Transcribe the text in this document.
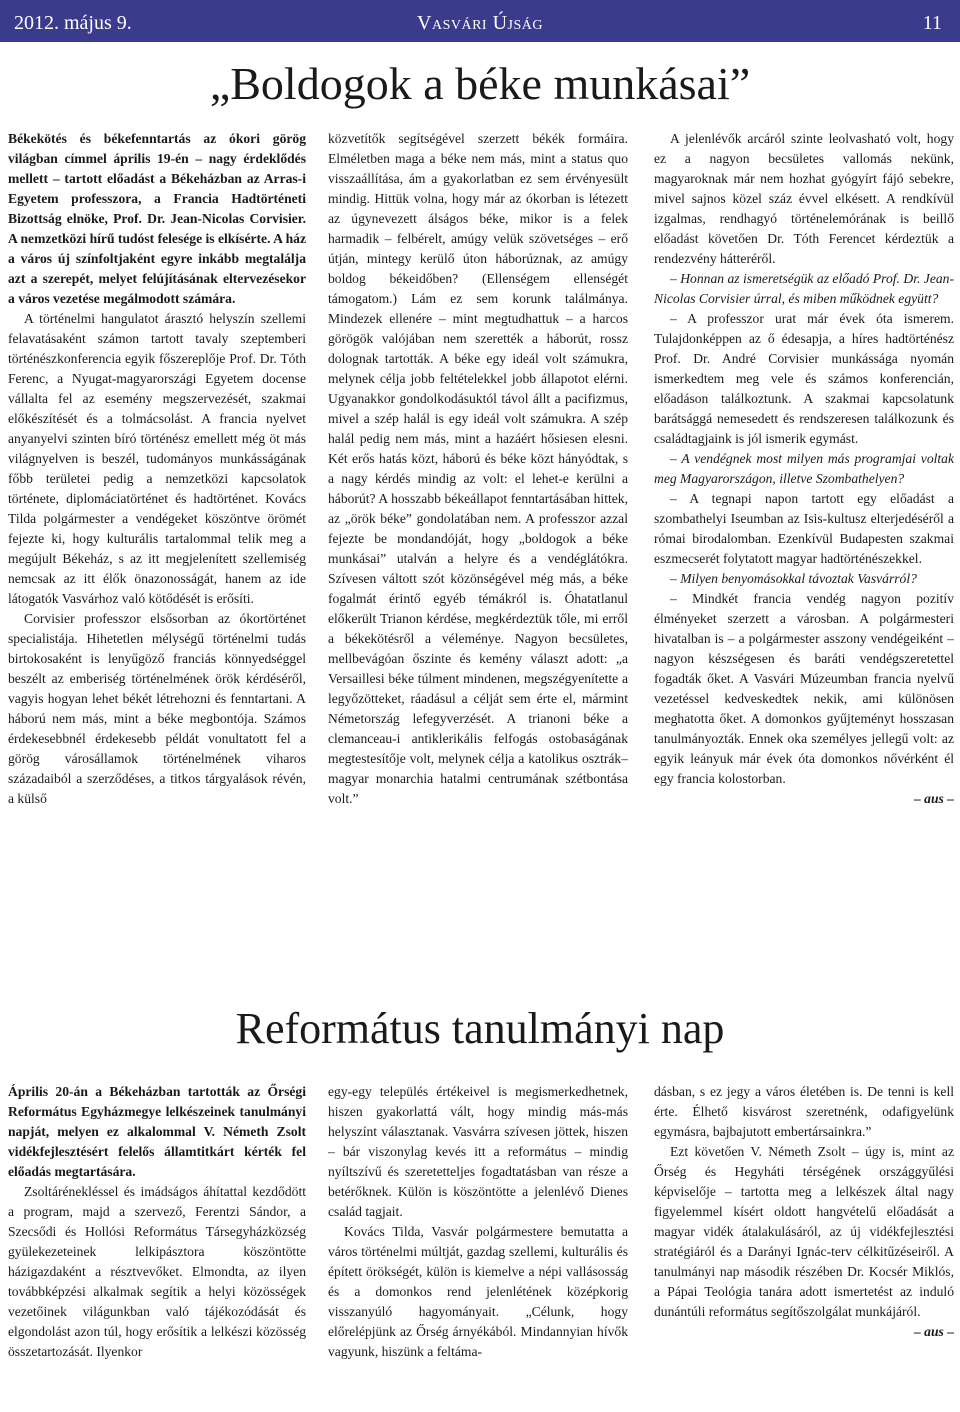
2012. május 9.	Vasvári Újság	11
„Boldogok a béke munkásai”

Békekötés és békefenntartás az ókori görög világban címmel április 19-én – nagy érdeklődés mellett – tartott előadást a Békeházban az Arras-i Egyetem professzora, a Francia Hadtörténeti Bizottság elnöke, Prof. Dr. Jean-Nicolas Corvisier. A nemzetközi hírű tudóst felesége is elkísérte. A ház a város új színfoltjaként egyre inkább megtalálja azt a szerepét, melyet felújításának eltervezésekor a város vezetése megálmodott számára.

A történelmi hangulatot árasztó helyszín szellemi felavatásaként számon tartott tavaly szeptemberi történészkonferencia egyik főszereplője Prof. Dr. Tóth Ferenc, a Nyugat-magyarországi Egyetem docense vállalta fel az esemény megszervezését, szakmai előkészítését és a tolmácsolást. A francia nyelvet anyanyelvi szinten bíró történész emellett még öt más világnyelven is beszél, tudományos munkásságának főbb területei pedig a nemzetközi kapcsolatok története, diplomáciatörténet és hadtörténet. Kovács Tilda polgármester a vendégeket köszöntve örömét fejezte ki, hogy kulturális tartalommal telik meg a megújult Békeház, s az itt megjelenített szellemiség nemcsak az itt élők önazonosságát, hanem az ide látogatók Vasvárhoz való kötődését is erősíti.

Corvisier professzor elsősorban az ókortörténet specialistája. Hihetetlen mélységű történelmi tudás birtokosaként is lenyűgöző franciás könnyedséggel beszélt az emberiség történelmének örök kérdéséről, vagyis hogyan lehet békét létrehozni és fenntartani. A háború nem más, mint a béke megbontója. Számos érdekesebbnél érdekesebb példát vonultatott fel a görög városállamok történelmének viharos századaiból a szerződéses, a titkos tárgyalások révén, a külső

közvetítők segítségével szerzett békék formáira. Elméletben maga a béke nem más, mint a status quo visszaállítása, ám a gyakorlatban ez sem érvényesült mindig. Hittük volna, hogy már az ókorban is létezett az úgynevezett álságos béke, mikor is a felek harmadik – felbérelt, amúgy velük szövetséges – erő útján, mintegy kerülő úton háborúznak, az amúgy boldog békeidőben? (Ellenségem ellenségét támogatom.) Lám ez sem korunk találmánya. Mindezek ellenére – mint megtudhattuk – a harcos görögök valójában nem szerették a háborút, rossz dolognak tartották. A béke egy ideál volt számukra, melynek célja jobb feltételekkel jobb állapotot elérni. Ugyanakkor gondolkodásuktól távol állt a pacifizmus, mivel a szép halál is egy ideál volt számukra. A szép halál pedig nem más, mint a hazáért hősiesen elesni. Két erős hatás közt, háború és béke közt hányódtak, s a nagy kérdés mindig az volt: el lehet-e kerülni a háborút? A hosszabb békeállapot fenntartásában hittek, az „örök béke” gondolatában nem. A professzor azzal fejezte be mondandóját, hogy „boldogok a béke munkásai” utalván a helyre és a vendéglátókra. Szívesen váltott szót közönségével még más, a béke fogalmát érintő egyéb témákról is. Óhatatlanul előkerült Trianon kérdése, megkérdeztük tőle, mi erről a békekötésről a véleménye. Nagyon becsületes, mellbevágóan őszinte és kemény választ adott: „a Versaillesi béke túlment mindenen, megszégyenítette a legyőzötteket, ráadásul a célját sem érte el, mármint Németország lefegyverzését. A trianoni béke a clemanceau-i antiklerikális felfogás ostobaságának megtestesítője volt, melynek célja a katolikus osztrák–magyar monarchia hatalmi centrumának szétbontása volt.”

A jelenlévők arcáról szinte leolvasható volt, hogy ez a nagyon becsületes vallomás nekünk, magyaroknak már nem hozhat gyógyírt fájó sebekre, mivel sajnos közel száz évvel elkésett. A rendkívül izgalmas, rendhagyó történelemórának is beillő előadást követően Dr. Tóth Ferencet kérdeztük a rendezvény hátteréről.

– Honnan az ismeretségük az előadó Prof. Dr. Jean-Nicolas Corvisier úrral, és miben működnek együtt?

– A professzor urat már évek óta ismerem. Tulajdonképpen az ő édesapja, a híres hadtörténész Prof. Dr. André Corvisier munkássága nyomán ismerkedtem meg vele és számos konferencián, előadáson találkoztunk. A szakmai kapcsolatunk barátsággá nemesedett és rendszeresen találkozunk és családtagjaink is jól ismerik egymást.

– A vendégnek most milyen más programjai voltak meg Magyarországon, illetve Szombathelyen?

– A tegnapi napon tartott egy előadást a szombathelyi Iseumban az Isis-kultusz elterjedéséről a római birodalomban. Ezenkívül Budapesten szakmai eszmecserét folytatott magyar hadtörténészekkel.

– Milyen benyomásokkal távoztak Vasvárról?

– Mindkét francia vendég nagyon pozitív élményeket szerzett a városban. A polgármesteri hivatalban is – a polgármester asszony vendégeiként – nagyon készségesen és baráti vendégszeretettel fogadták őket. A Vasvári Múzeumban francia nyelvű vezetéssel kedveskedtek nekik, ami különösen meghatotta őket. A domonkos gyűjteményt hosszasan tanulmányozták. Ennek oka személyes jellegű volt: az egyik leányuk már évek óta domonkos nővérként él egy francia kolostorban.

– aus –

Református tanulmányi nap

Április 20-án a Békeházban tartották az Őrségi Református Egyházmegye lelkészeinek tanulmányi napját, melyen ez alkalommal V. Németh Zsolt vidékfejlesztésért felelős államtitkárt kérték fel előadás megtartására.

Zsoltárénekléssel és imádságos áhítattal kezdődött a program, majd a szervező, Ferentzi Sándor, a Szecsődi és Hollósi Református Társegyházközség gyülekezeteinek lelkipásztora köszöntötte házigazdaként a résztvevőket. Elmondta, az ilyen továbbképzési alkalmak segítik a helyi közösségek vezetőinek világunkban való tájékozódását és elgondolást azon túl, hogy erősítik a lelkészi közösség összetartozását. Ilyenkor

egy-egy település értékeivel is megismerkedhetnek, hiszen gyakorlattá vált, hogy mindig más-más helyszínt választanak. Vasvárra szívesen jöttek, hiszen – bár viszonylag kevés itt a református – mindig nyíltszívű és szeretetteljes fogadtatásban van része a betérőknek. Külön is köszöntötte a jelenlévő Dienes család tagjait.

Kovács Tilda, Vasvár polgármestere bemutatta a város történelmi múltját, gazdag szellemi, kulturális és épített örökségét, külön is kiemelve a népi vallásosság és a domonkos rend jelenlétének középkorig visszanyúló hagyományait. „Célunk, hogy előrelépjünk az Őrség árnyékából. Mindannyian hívők vagyunk, hiszünk a feltáma-

dásban, s ez jegy a város életében is. De tenni is kell érte. Élhető kisvárost szeretnénk, odafigyelünk egymásra, bajbajutott embertársainkra.”

Ezt követően V. Németh Zsolt – úgy is, mint az Őrség és Hegyháti térségének országgyűlési képviselője – tartotta meg a lelkészek által nagy figyelemmel kísért oldott hangvételű előadását a magyar vidék átalakulásáról, az új vidékfejlesztési stratégiáról és a Darányi Ignác-terv célkitűzéseiről. A tanulmányi nap második részében Dr. Kocsér Miklós, a Pápai Teológia tanára adott ismertetést az induló dunántúli református segítőszolgálat munkájáról.

– aus –
